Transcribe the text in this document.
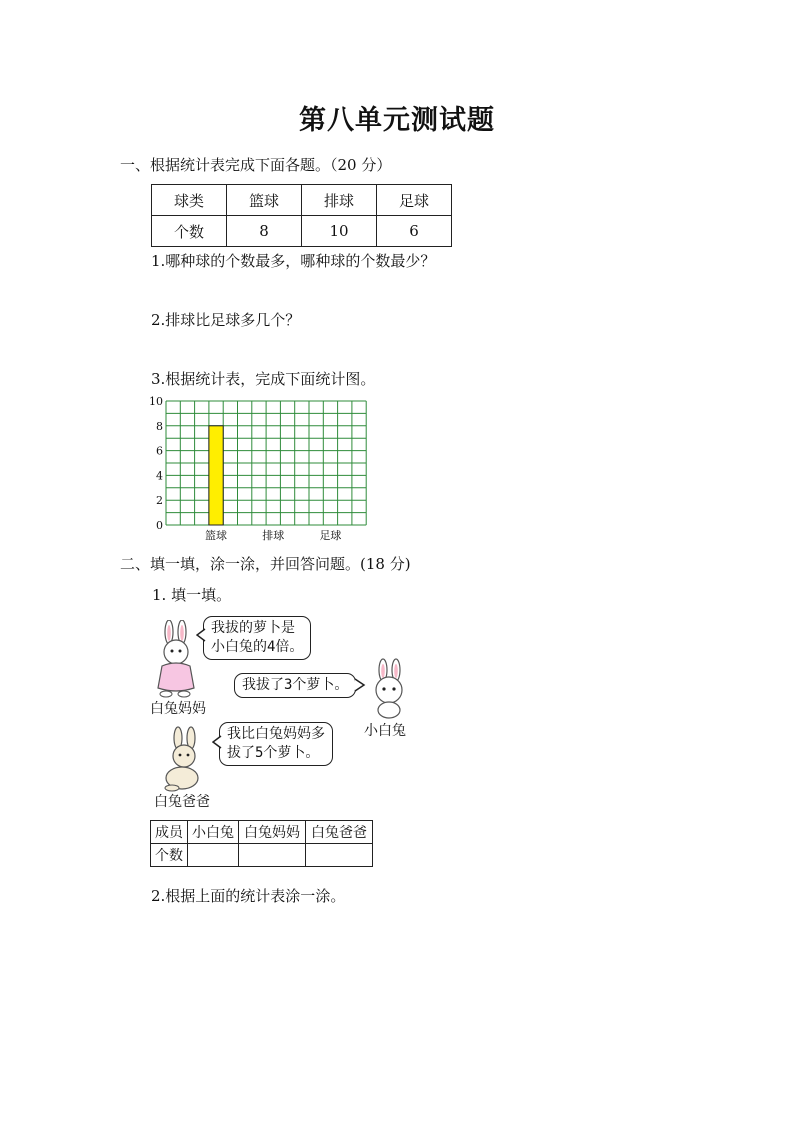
第八单元测试题
一、根据统计表完成下面各题。（20 分）
球类	篮球	排球	足球
个数	8	10	6
1.哪种球的个数最多，哪种球的个数最少？
2.排球比足球多几个？
3.根据统计表，完成下面统计图。
0
2
4
6
8
10
篮球	排球	足球
二、填一填，涂一涂，并回答问题。(18 分)
1. 填一填。
白兔妈妈
我拔的萝卜是
小白兔的4倍。
我拔了3个萝卜。
小白兔
我比白兔妈妈多
拔了5个萝卜。
白兔爸爸
成员	小白兔	白兔妈妈	白兔爸爸
个数			
2.根据上面的统计表涂一涂。
